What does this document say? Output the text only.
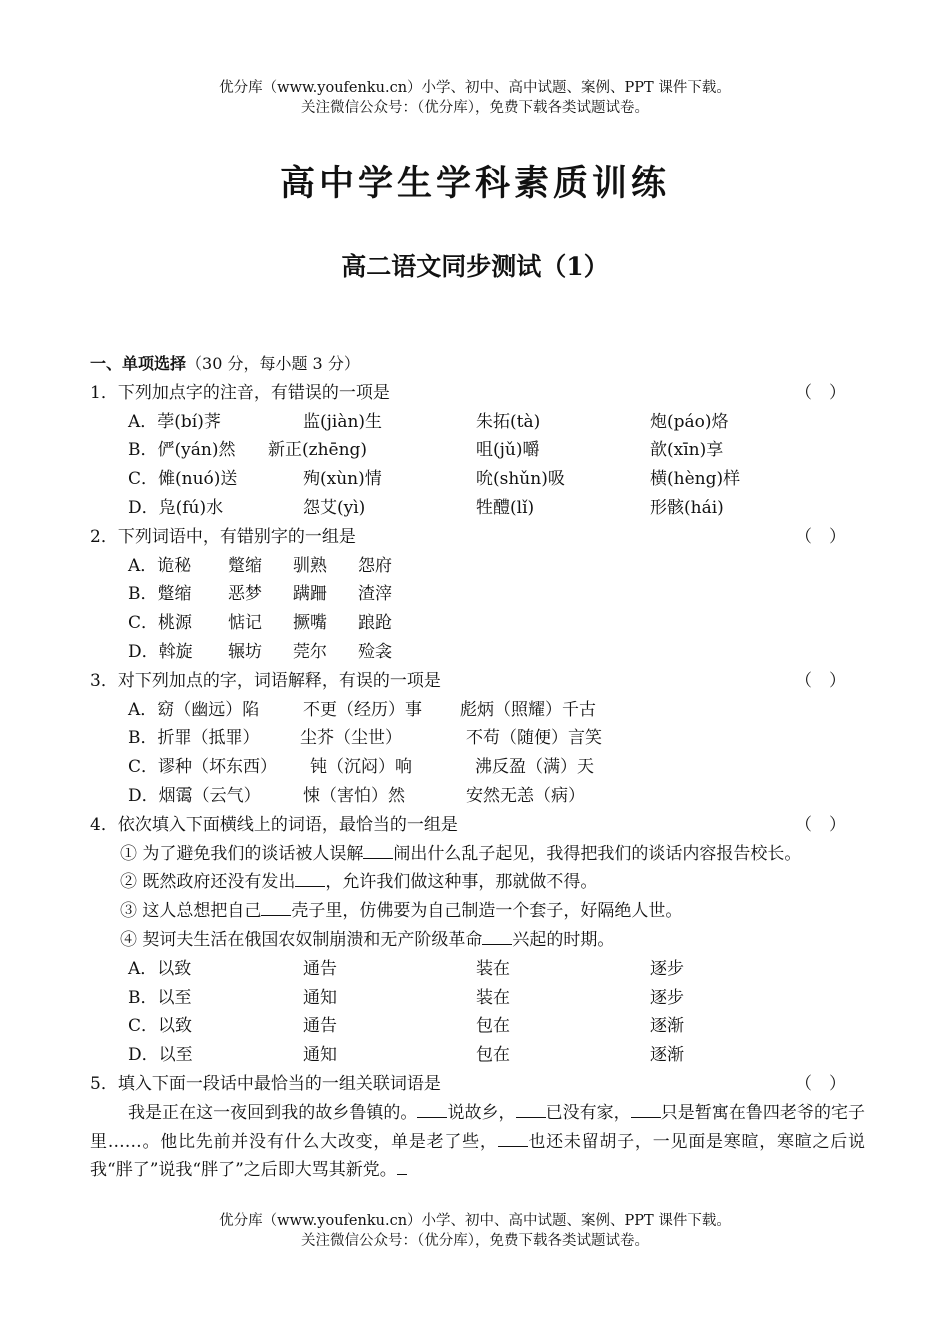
优分库（www.youfenku.cn）小学、初中、高中试题、案例、PPT 课件下载。
关注微信公众号：（优分库），免费下载各类试题试卷。
高中学生学科素质训练
高二语文同步测试（1）
一、单项选择（30 分，每小题 3 分）
1．下列加点字的注音，有错误的一项是	（　）
A．荸(bí)荠	监(jiàn)生	朱拓(tà)	炮(páo)烙
B．俨(yán)然 新正(zhēng)	咀(jǔ)嚼	歆(xīn)享
C．傩(nuó)送	殉(xùn)情	吮(shǔn)吸	横(hèng)样
D．凫(fú)水	怨艾(yì)	牲醴(lǐ)	形骸(hái)
2．下列词语中，有错别字的一组是	（　）
A．诡秘 蹩缩 驯熟 怨府
B．蹩缩 恶梦 蹒跚 渣滓
C．桃源 惦记 撅嘴 踉跄
D．斡旋 辗坊 莞尔 殓衾
3．对下列加点的字，词语解释，有误的一项是	（　）
A．窈（幽远）陷	不更（经历）事 彪炳（照耀）千古
B．折罪（抵罪） 尘芥（尘世）	不苟（随便）言笑
C．谬种（坏东西） 钝（沉闷）响	沸反盈（满）天
D．烟霭（云气） 悚（害怕）然	安然无恙（病）
4．依次填入下面横线上的词语，最恰当的一组是	（　）
① 为了避免我们的谈话被人误解 闹出什么乱子起见，我得把我们的谈话内容报告校长。
② 既然政府还没有发出 ，允许我们做这种事，那就做不得。
③ 这人总想把自己 壳子里，仿佛要为自己制造一个套子，好隔绝人世。
④ 契诃夫生活在俄国农奴制崩溃和无产阶级革命 兴起的时期。
A．以致	通告	装在	逐步
B．以至	通知	装在	逐步
C．以致	通告	包在	逐渐
D．以至	通知	包在	逐渐
5．填入下面一段话中最恰当的一组关联词语是	（　）
我是正在这一夜回到我的故乡鲁镇的。 说故乡， 已没有家， 只是暂寓在鲁四老爷的宅子里……。他比先前并没有什么大改变，单是老了些， 也还未留胡子，一见面是寒暄，寒暄之后说我“胖了”说我“胖了”之后即大骂其新党。
优分库（www.youfenku.cn）小学、初中、高中试题、案例、PPT 课件下载。
关注微信公众号：（优分库），免费下载各类试题试卷。
